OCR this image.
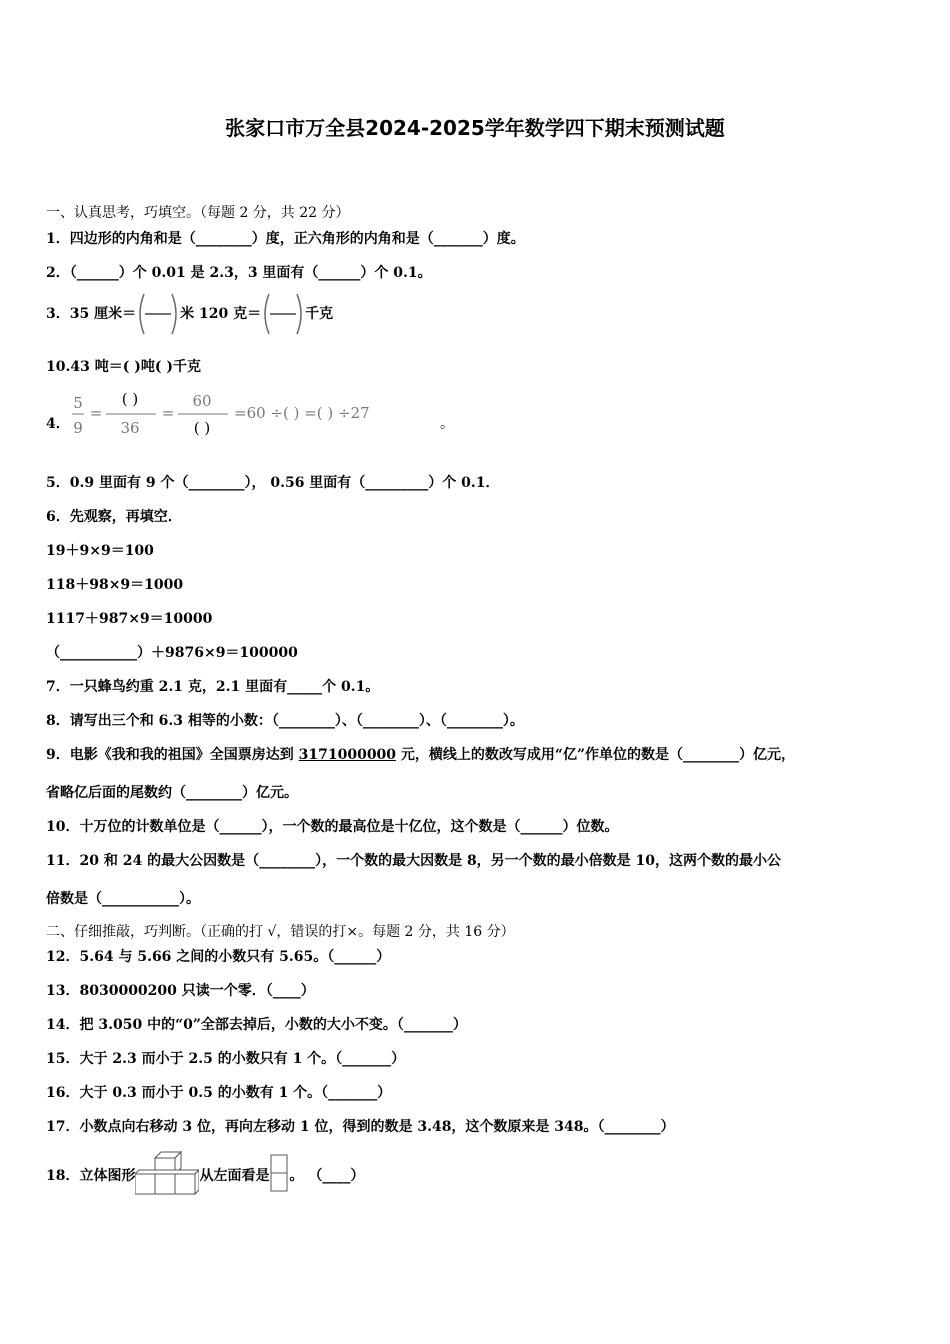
张家口市万全县2024-2025学年数学四下期末预测试题
一、认真思考，巧填空。（每题 2 分，共 22 分）
1．四边形的内角和是（________）度，正六角形的内角和是（_______）度。
2．（______）个 0.01 是 2.3，3 里面有（______）个 0.1。
3．35 厘米＝	米 120 克＝	千克
10.43 吨＝( )吨( )千克
4．
5
9
=
( )
36
=
60
( )
=60 ÷( ) =( ) ÷27
。
5．0.9 里面有 9 个（________）， 0.56 里面有（_________）个 0.1．
6．先观察，再填空．
19＋9×9＝100
118＋98×9＝1000
1117＋987×9＝10000
（___________）＋9876×9＝100000
7．一只蜂鸟约重 2.1 克，2.1 里面有_____个 0.1。
8．请写出三个和 6.3 相等的小数：（________）、（________）、（________）。
9．电影《我和我的祖国》全国票房达到 3171000000 元，横线上的数改写成用“亿”作单位的数是（________）亿元，
省略亿后面的尾数约（________）亿元。
10．十万位的计数单位是（______），一个数的最高位是十亿位，这个数是（______）位数。
11．20 和 24 的最大公因数是（________），一个数的最大因数是 8，另一个数的最小倍数是 10，这两个数的最小公
倍数是（___________）。
二、仔细推敲，巧判断。（正确的打 √，错误的打×。每题 2 分，共 16 分）
12．5.64 与 5.66 之间的小数只有 5.65。（______）
13．8030000200 只读一个零．（____）
14．把 3.050 中的“0”全部去掉后，小数的大小不变。（_______）
15．大于 2.3 而小于 2.5 的小数只有 1 个。（_______）
16．大于 0.3 而小于 0.5 的小数有 1 个。（_______）
17．小数点向右移动 3 位，再向左移动 1 位，得到的数是 3.48，这个数原来是 348。（________）
18．立体图形	从左面看是 。 （____）
